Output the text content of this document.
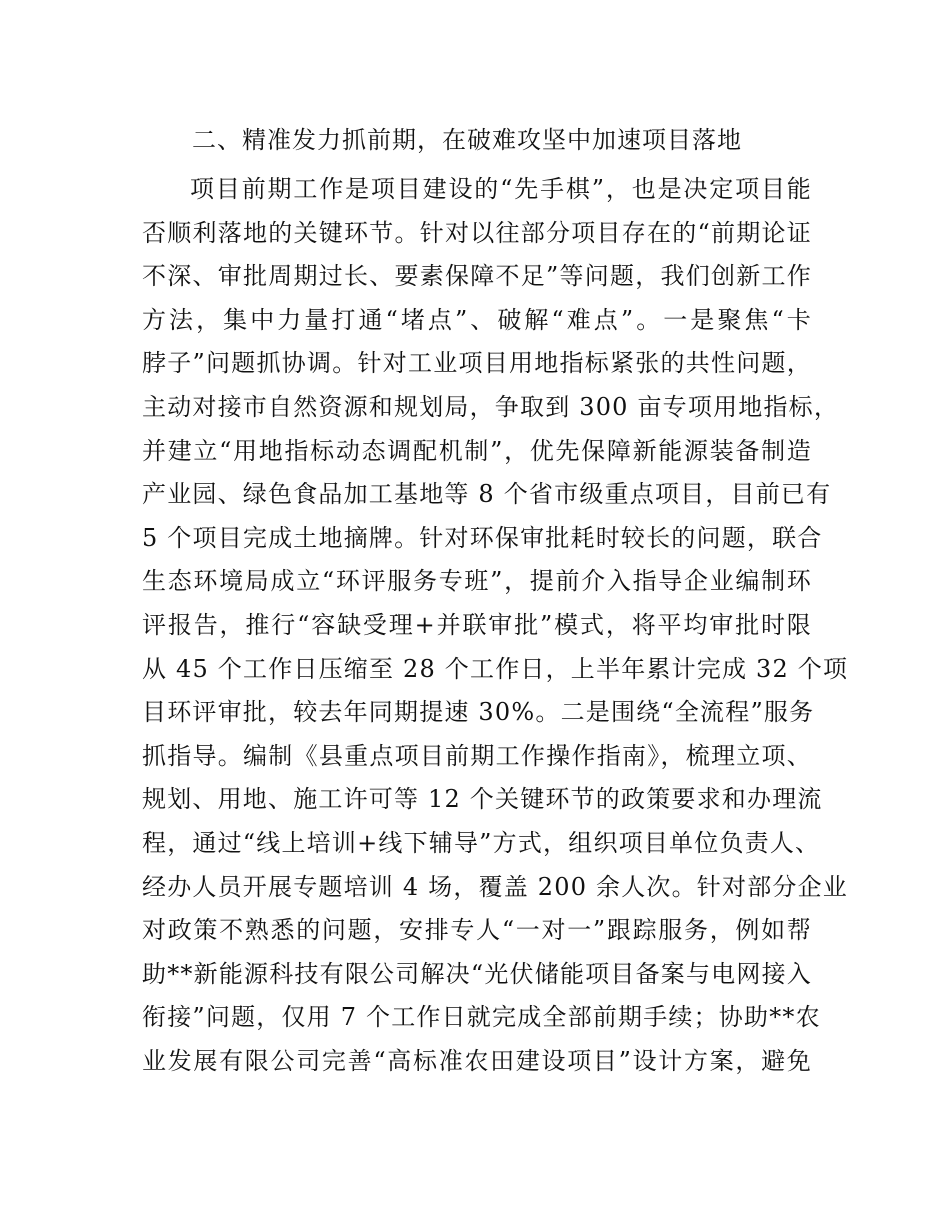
二、精准发力抓前期，在破难攻坚中加速项目落地
项目前期工作是项目建设的“先手棋”，也是决定项目能
否顺利落地的关键环节。针对以往部分项目存在的“前期论证
不深、审批周期过长、要素保障不足”等问题，我们创新工作
方法，集中力量打通“堵点”、破解“难点”。一是聚焦“卡
脖子”问题抓协调。针对工业项目用地指标紧张的共性问题，
主动对接市自然资源和规划局，争取到 300 亩专项用地指标，
并建立“用地指标动态调配机制”，优先保障新能源装备制造
产业园、绿色食品加工基地等 8 个省市级重点项目，目前已有
5 个项目完成土地摘牌。针对环保审批耗时较长的问题，联合
生态环境局成立“环评服务专班”，提前介入指导企业编制环
评报告，推行“容缺受理+并联审批”模式，将平均审批时限
从 45 个工作日压缩至 28 个工作日，上半年累计完成 32 个项
目环评审批，较去年同期提速 30%。二是围绕“全流程”服务
抓指导。编制《县重点项目前期工作操作指南》，梳理立项、
规划、用地、施工许可等 12 个关键环节的政策要求和办理流
程，通过“线上培训+线下辅导”方式，组织项目单位负责人、
经办人员开展专题培训 4 场，覆盖 200 余人次。针对部分企业
对政策不熟悉的问题，安排专人“一对一”跟踪服务，例如帮
助**新能源科技有限公司解决“光伏储能项目备案与电网接入
衔接”问题，仅用 7 个工作日就完成全部前期手续；协助**农
业发展有限公司完善“高标准农田建设项目”设计方案，避免
